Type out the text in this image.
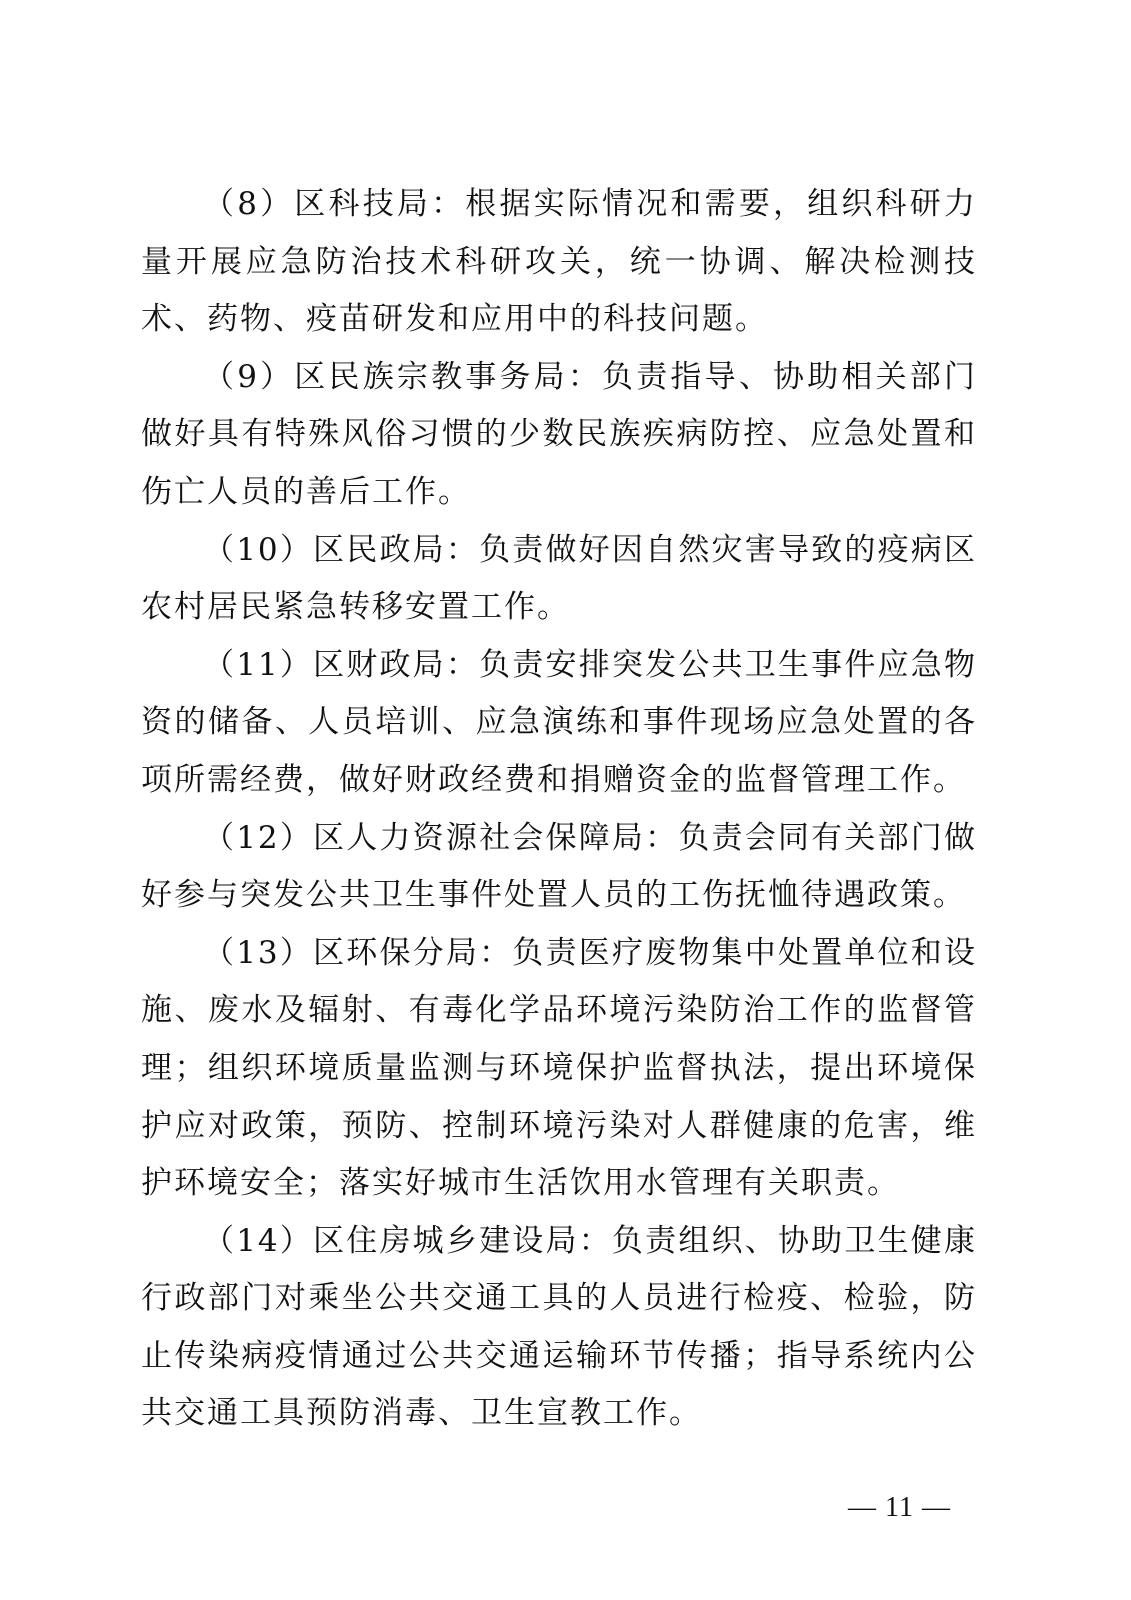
（8）区科技局：根据实际情况和需要，组织科研力量开展应急防治技术科研攻关，统一协调、解决检测技术、药物、疫苗研发和应用中的科技问题。

（9）区民族宗教事务局：负责指导、协助相关部门做好具有特殊风俗习惯的少数民族疾病防控、应急处置和伤亡人员的善后工作。

（10）区民政局：负责做好因自然灾害导致的疫病区农村居民紧急转移安置工作。

（11）区财政局：负责安排突发公共卫生事件应急物资的储备、人员培训、应急演练和事件现场应急处置的各项所需经费，做好财政经费和捐赠资金的监督管理工作。

（12）区人力资源社会保障局：负责会同有关部门做好参与突发公共卫生事件处置人员的工伤抚恤待遇政策。

（13）区环保分局：负责医疗废物集中处置单位和设施、废水及辐射、有毒化学品环境污染防治工作的监督管理；组织环境质量监测与环境保护监督执法，提出环境保护应对政策，预防、控制环境污染对人群健康的危害，维护环境安全；落实好城市生活饮用水管理有关职责。

（14）区住房城乡建设局：负责组织、协助卫生健康行政部门对乘坐公共交通工具的人员进行检疫、检验，防止传染病疫情通过公共交通运输环节传播；指导系统内公共交通工具预防消毒、卫生宣教工作。

— 11 —
